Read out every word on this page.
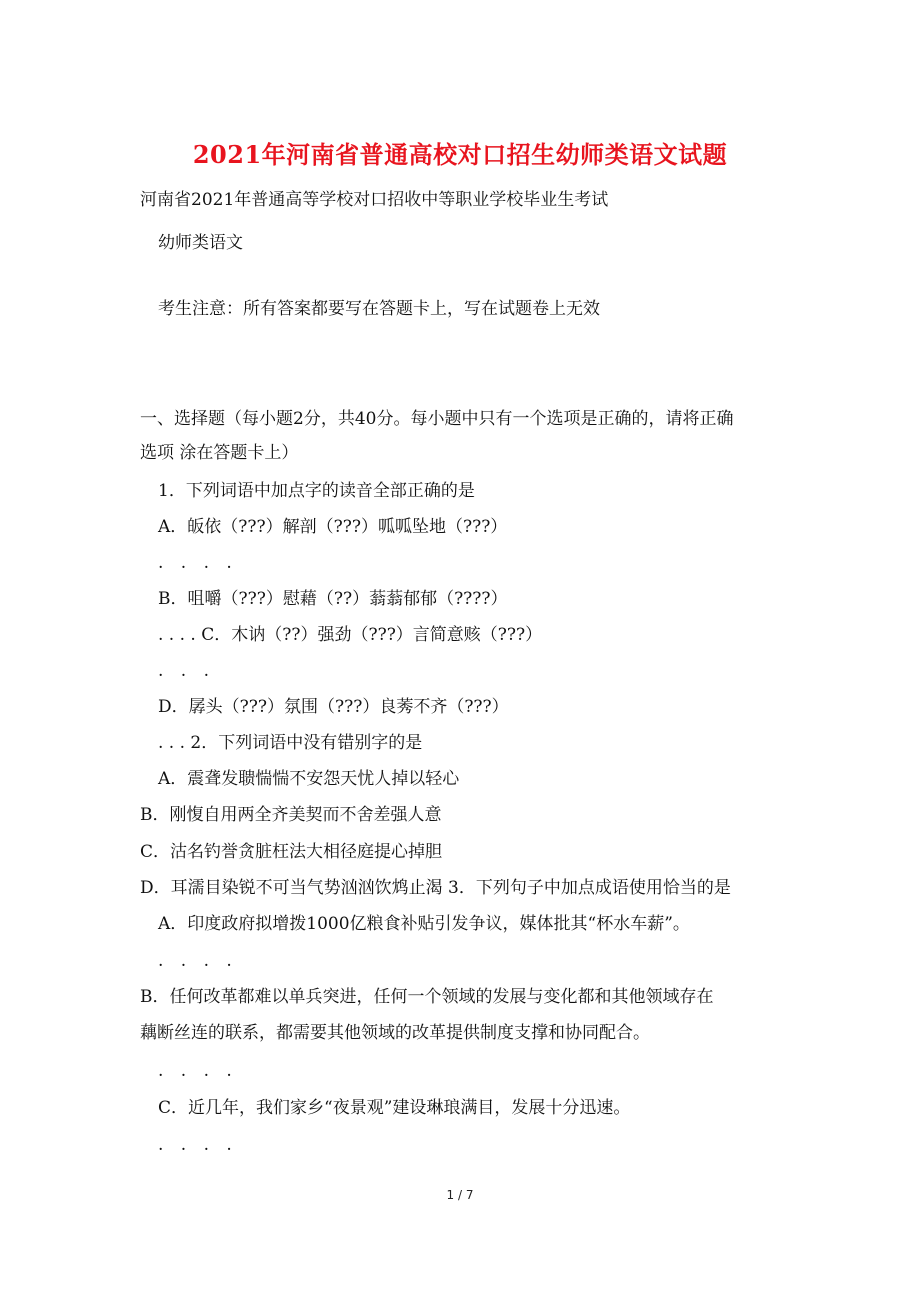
2021年河南省普通高校对口招生幼师类语文试题
河南省2021年普通高等学校对口招收中等职业学校毕业生考试
幼师类语文
考生注意：所有答案都要写在答题卡上，写在试题卷上无效
一、选择题（每小题2分，共40分。每小题中只有一个选项是正确的，请将正确
选项 涂在答题卡上）
1．下列词语中加点字的读音全部正确的是
A．皈依（???）解剖（???）呱呱坠地（???）
. . . .
B．咀嚼（???）慰藉（??）蓊蓊郁郁（????）
. . . . C．木讷（??）强劲（???）言简意赅（???）
. . .
D．孱头（???）氛围（???）良莠不齐（???）
. . . 2．下列词语中没有错别字的是
A．震聋发聩惴惴不安怨天忧人掉以轻心
B．刚愎自用两全齐美契而不舍差强人意
C．沽名钓誉贪脏枉法大相径庭提心掉胆
D．耳濡目染锐不可当气势汹汹饮鸩止渴 3．下列句子中加点成语使用恰当的是
A．印度政府拟增拨1000亿粮食补贴引发争议，媒体批其“杯水车薪”。
. . . .
B．任何改革都难以单兵突进，任何一个领域的发展与变化都和其他领域存在
藕断丝连的联系，都需要其他领域的改革提供制度支撑和协同配合。
. . . .
C．近几年，我们家乡“夜景观”建设琳琅满目，发展十分迅速。
. . . .
1 / 7
